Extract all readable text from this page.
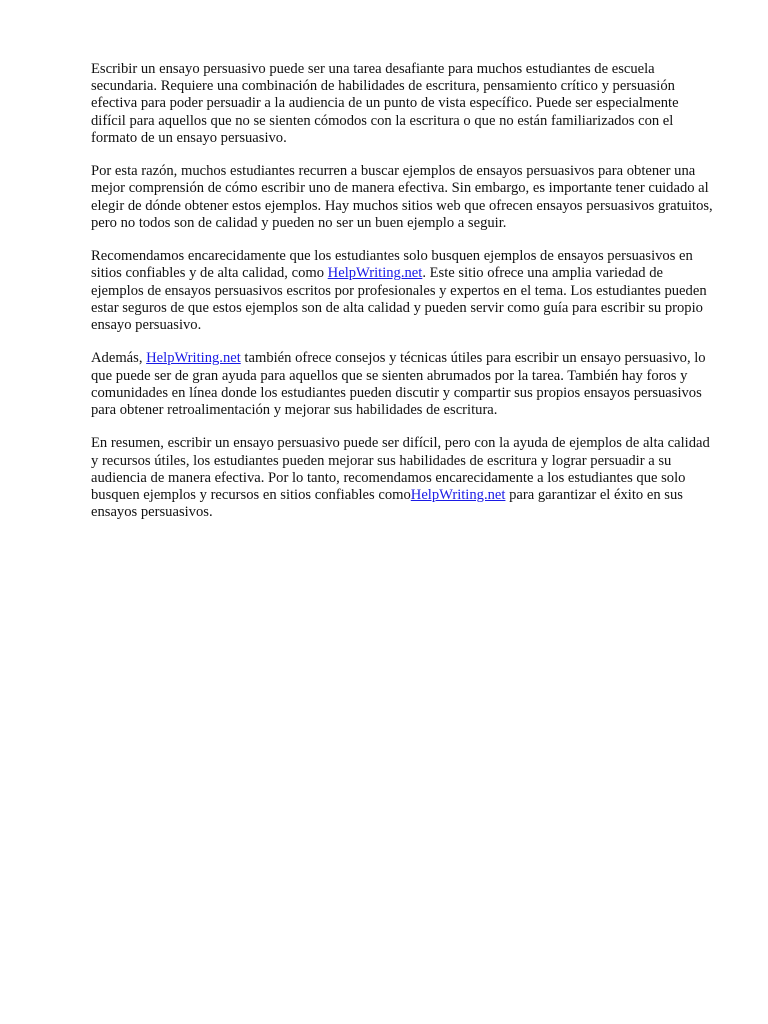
Escribir un ensayo persuasivo puede ser una tarea desafiante para muchos estudiantes de escuela secundaria. Requiere una combinación de habilidades de escritura, pensamiento crítico y persuasión efectiva para poder persuadir a la audiencia de un punto de vista específico. Puede ser especialmente difícil para aquellos que no se sienten cómodos con la escritura o que no están familiarizados con el formato de un ensayo persuasivo.

Por esta razón, muchos estudiantes recurren a buscar ejemplos de ensayos persuasivos para obtener una mejor comprensión de cómo escribir uno de manera efectiva. Sin embargo, es importante tener cuidado al elegir de dónde obtener estos ejemplos. Hay muchos sitios web que ofrecen ensayos persuasivos gratuitos, pero no todos son de calidad y pueden no ser un buen ejemplo a seguir.

Recomendamos encarecidamente que los estudiantes solo busquen ejemplos de ensayos persuasivos en sitios confiables y de alta calidad, como HelpWriting.net. Este sitio ofrece una amplia variedad de ejemplos de ensayos persuasivos escritos por profesionales y expertos en el tema. Los estudiantes pueden estar seguros de que estos ejemplos son de alta calidad y pueden servir como guía para escribir su propio ensayo persuasivo.

Además, HelpWriting.net también ofrece consejos y técnicas útiles para escribir un ensayo persuasivo, lo que puede ser de gran ayuda para aquellos que se sienten abrumados por la tarea. También hay foros y comunidades en línea donde los estudiantes pueden discutir y compartir sus propios ensayos persuasivos para obtener retroalimentación y mejorar sus habilidades de escritura.

En resumen, escribir un ensayo persuasivo puede ser difícil, pero con la ayuda de ejemplos de alta calidad y recursos útiles, los estudiantes pueden mejorar sus habilidades de escritura y lograr persuadir a su audiencia de manera efectiva. Por lo tanto, recomendamos encarecidamente a los estudiantes que solo busquen ejemplos y recursos en sitios confiables comoHelpWriting.net para garantizar el éxito en sus ensayos persuasivos.
